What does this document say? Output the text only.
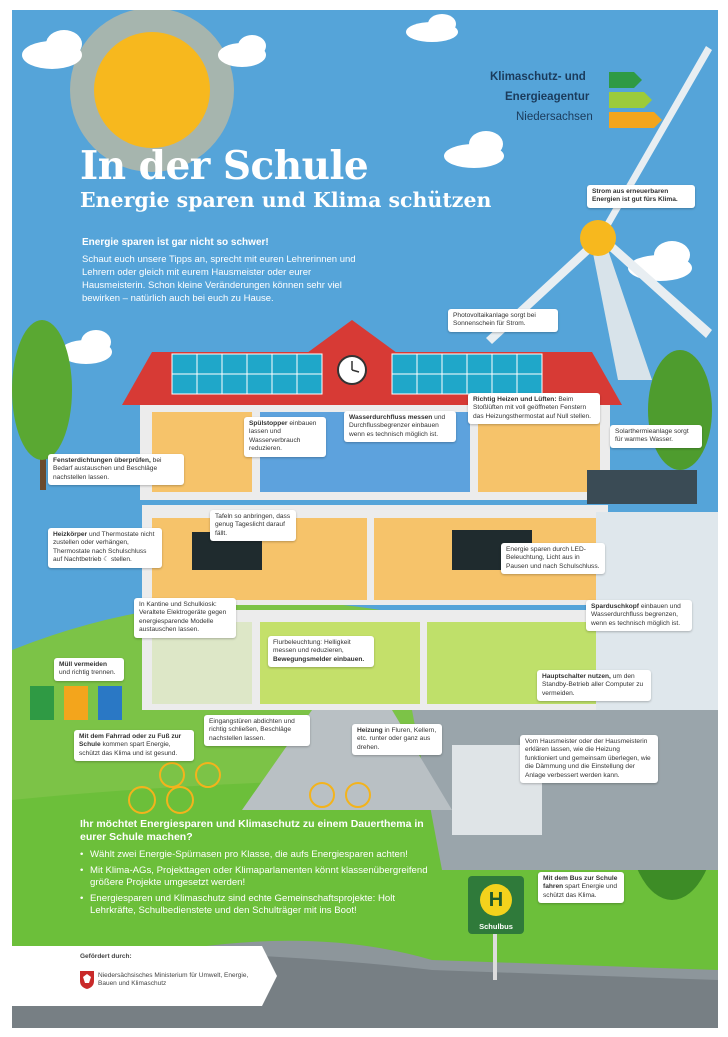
Klimaschutz- und
Energieagentur
Niedersachsen
In der Schule
Energie sparen und Klima schützen
Energie sparen ist gar nicht so schwer!
Schaut euch unsere Tipps an, sprecht mit euren Lehrerinnen und Lehrern oder gleich mit eurem Hausmeister oder eurer Hausmeisterin. Schon kleine Veränderungen können sehr viel bewirken – natürlich auch bei euch zu Hause.
Strom aus erneuerbaren Energien ist gut fürs Klima.
Photovoltaikanlage sorgt bei Sonnenschein für Strom.
Richtig Heizen und Lüften: Beim Stoßlüften mit voll geöffneten Fenstern das Heizungsthermostat auf Null stellen.
Wasserdurchfluss messen und Durchflussbegrenzer einbauen wenn es technisch möglich ist.
Spülstopper einbauen lassen und Wasserverbrauch reduzieren.
Fensterdichtungen überprüfen, bei Bedarf austauschen und Beschläge nachstellen lassen.
Solarthermieanlage sorgt für warmes Wasser.
Tafeln so anbringen, dass genug Tageslicht darauf fällt.
Heizkörper und Thermostate nicht zustellen oder verhängen, Thermostate nach Schulschluss auf Nachtbetrieb ☾ stellen.
Energie sparen durch LED-Beleuchtung, Licht aus in Pausen und nach Schulschluss.
In Kantine und Schulkiosk: Veraltete Elektrogeräte gegen energiesparende Modelle austauschen lassen.
Flurbeleuchtung: Helligkeit messen und reduzieren, Bewegungsmelder einbauen.
Sparduschkopf einbauen und Wasserdurchfluss begrenzen, wenn es technisch möglich ist.
Müll vermeiden und richtig trennen.
Hauptschalter nutzen, um den Standby-Betrieb aller Computer zu vermeiden.
Mit dem Fahrrad oder zu Fuß zur Schule kommen spart Energie, schützt das Klima und ist gesund.
Eingangstüren abdichten und richtig schließen, Beschläge nachstellen lassen.
Heizung in Fluren, Kellern, etc. runter oder ganz aus drehen.
Vom Hausmeister oder der Hausmeisterin erklären lassen, wie die Heizung funktioniert und gemeinsam überlegen, wie die Dämmung und die Einstellung der Anlage verbessert werden kann.
Mit dem Bus zur Schule fahren spart Energie und schützt das Klima.
Ihr möchtet Energiesparen und Klimaschutz zu einem Dauerthema in eurer Schule machen?
• Wählt zwei Energie-Spürnasen pro Klasse, die aufs Energiesparen achten!
• Mit Klima-AGs, Projekttagen oder Klimaparlamenten könnt klassenübergreifend größere Projekte umgesetzt werden!
• Energiesparen und Klimaschutz sind echte Gemeinschaftsprojekte: Holt Lehrkräfte, Schulbedienstete und den Schulträger mit ins Boot!	H
Schulbus
Gefördert durch:
Niedersächsisches Ministerium für Umwelt, Energie, Bauen und Klimaschutz
